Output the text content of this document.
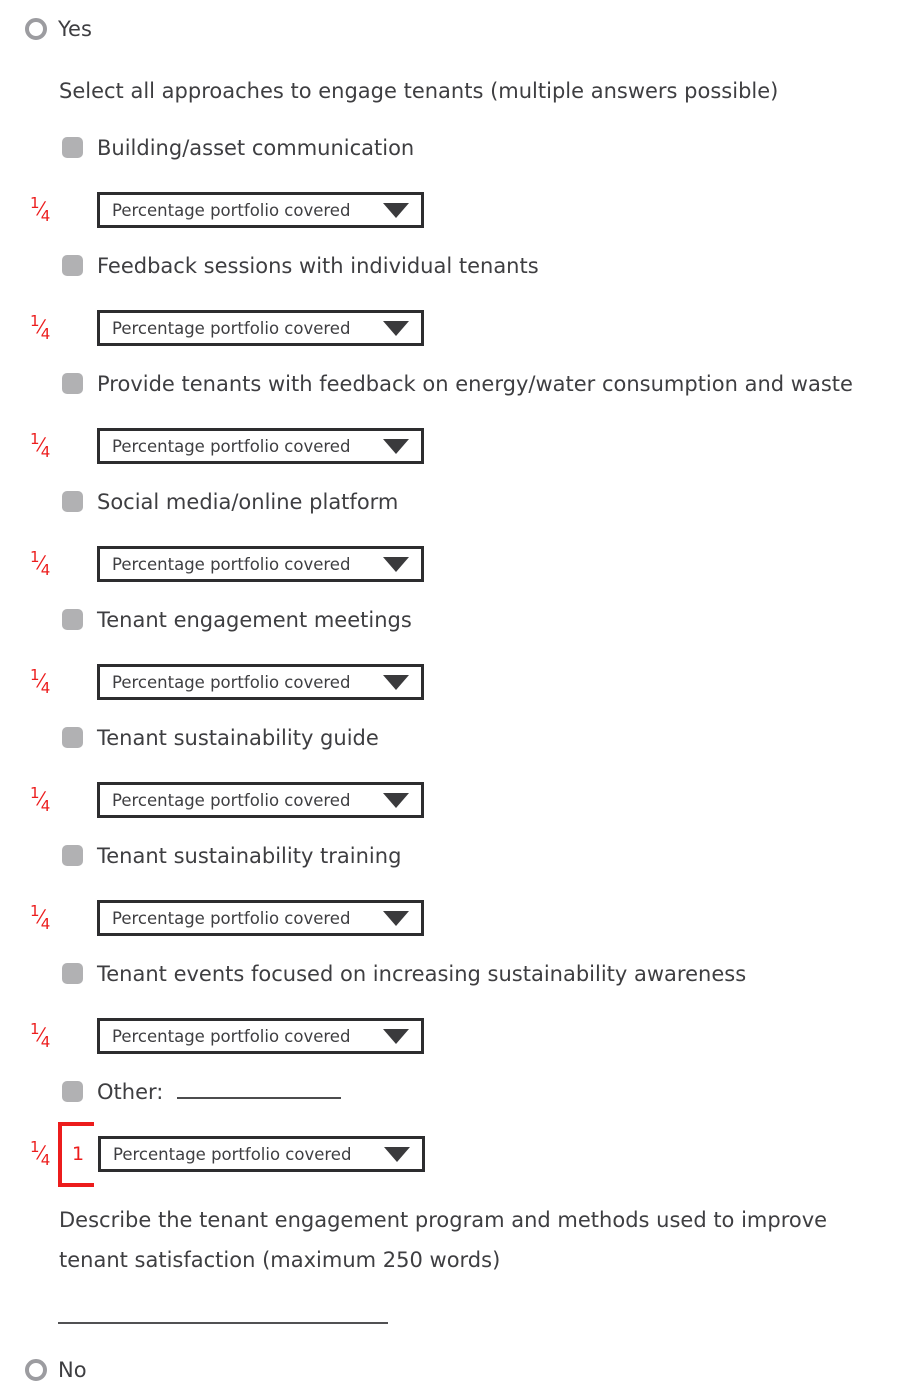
Yes
Select all approaches to engage tenants (multiple answers possible)
Building/asset communication
$^1⁄_4$	Percentage portfolio covered
Feedback sessions with individual tenants
$^1⁄_4$	Percentage portfolio covered
Provide tenants with feedback on energy/water consumption and waste
$^1⁄_4$	Percentage portfolio covered
Social media/online platform
$^1⁄_4$	Percentage portfolio covered
Tenant engagement meetings
$^1⁄_4$	Percentage portfolio covered
Tenant sustainability guide
$^1⁄_4$	Percentage portfolio covered
Tenant sustainability training
$^1⁄_4$	Percentage portfolio covered
Tenant events focused on increasing sustainability awareness
$^1⁄_4$	Percentage portfolio covered
Other:
$^1⁄_4$	1 Percentage portfolio covered
Describe the tenant engagement program and methods used to improve tenant satisfaction (maximum 250 words)
No
